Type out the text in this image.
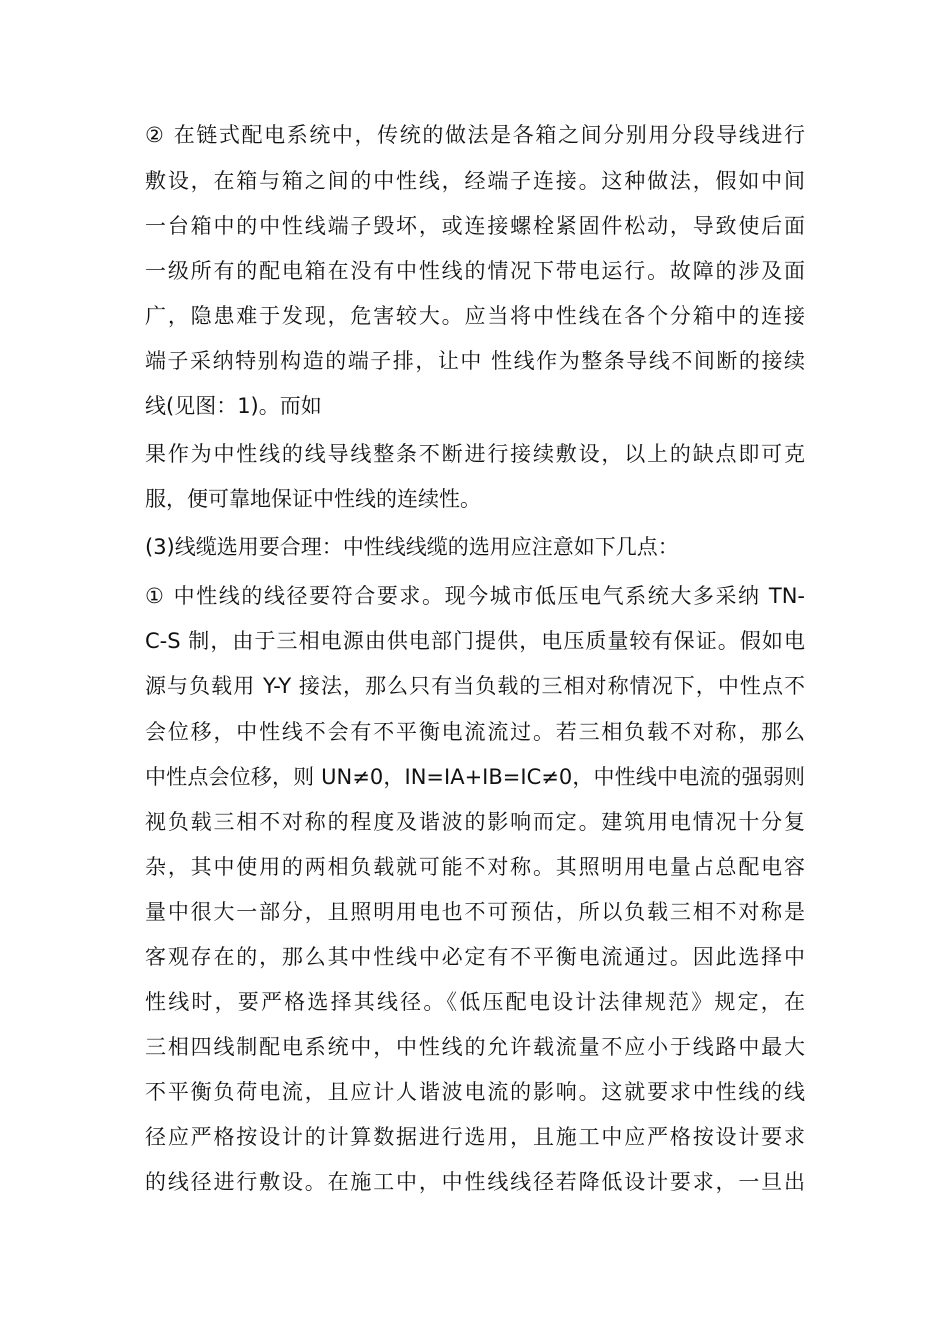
② 在链式配电系统中，传统的做法是各箱之间分别用分段导线进行
敷设，在箱与箱之间的中性线，经端子连接。这种做法，假如中间
一台箱中的中性线端子毁坏，或连接螺栓紧固件松动，导致使后面
一级所有的配电箱在没有中性线的情况下带电运行。故障的涉及面
广，隐患难于发现，危害较大。应当将中性线在各个分箱中的连接
端子采纳特别构造的端子排，让中 性线作为整条导线不间断的接续
线(见图：1)。而如
果作为中性线的线导线整条不断进行接续敷设，以上的缺点即可克
服，便可靠地保证中性线的连续性。
(3)线缆选用要合理：中性线线缆的选用应注意如下几点：
① 中性线的线径要符合要求。现今城市低压电气系统大多采纳 TN-
C-S 制，由于三相电源由供电部门提供，电压质量较有保证。假如电
源与负载用 Y-Y 接法，那么只有当负载的三相对称情况下，中性点不
会位移，中性线不会有不平衡电流流过。若三相负载不对称，那么
中性点会位移，则 UN≠0，IN=IA+IB=IC≠0，中性线中电流的强弱则
视负载三相不对称的程度及谐波的影响而定。建筑用电情况十分复
杂，其中使用的两相负载就可能不对称。其照明用电量占总配电容
量中很大一部分，且照明用电也不可预估，所以负载三相不对称是
客观存在的，那么其中性线中必定有不平衡电流通过。因此选择中
性线时，要严格选择其线径。《低压配电设计法律规范》规定，在
三相四线制配电系统中，中性线的允许载流量不应小于线路中最大
不平衡负荷电流，且应计人谐波电流的影响。这就要求中性线的线
径应严格按设计的计算数据进行选用，且施工中应严格按设计要求
的线径进行敷设。在施工中，中性线线径若降低设计要求，一旦出
